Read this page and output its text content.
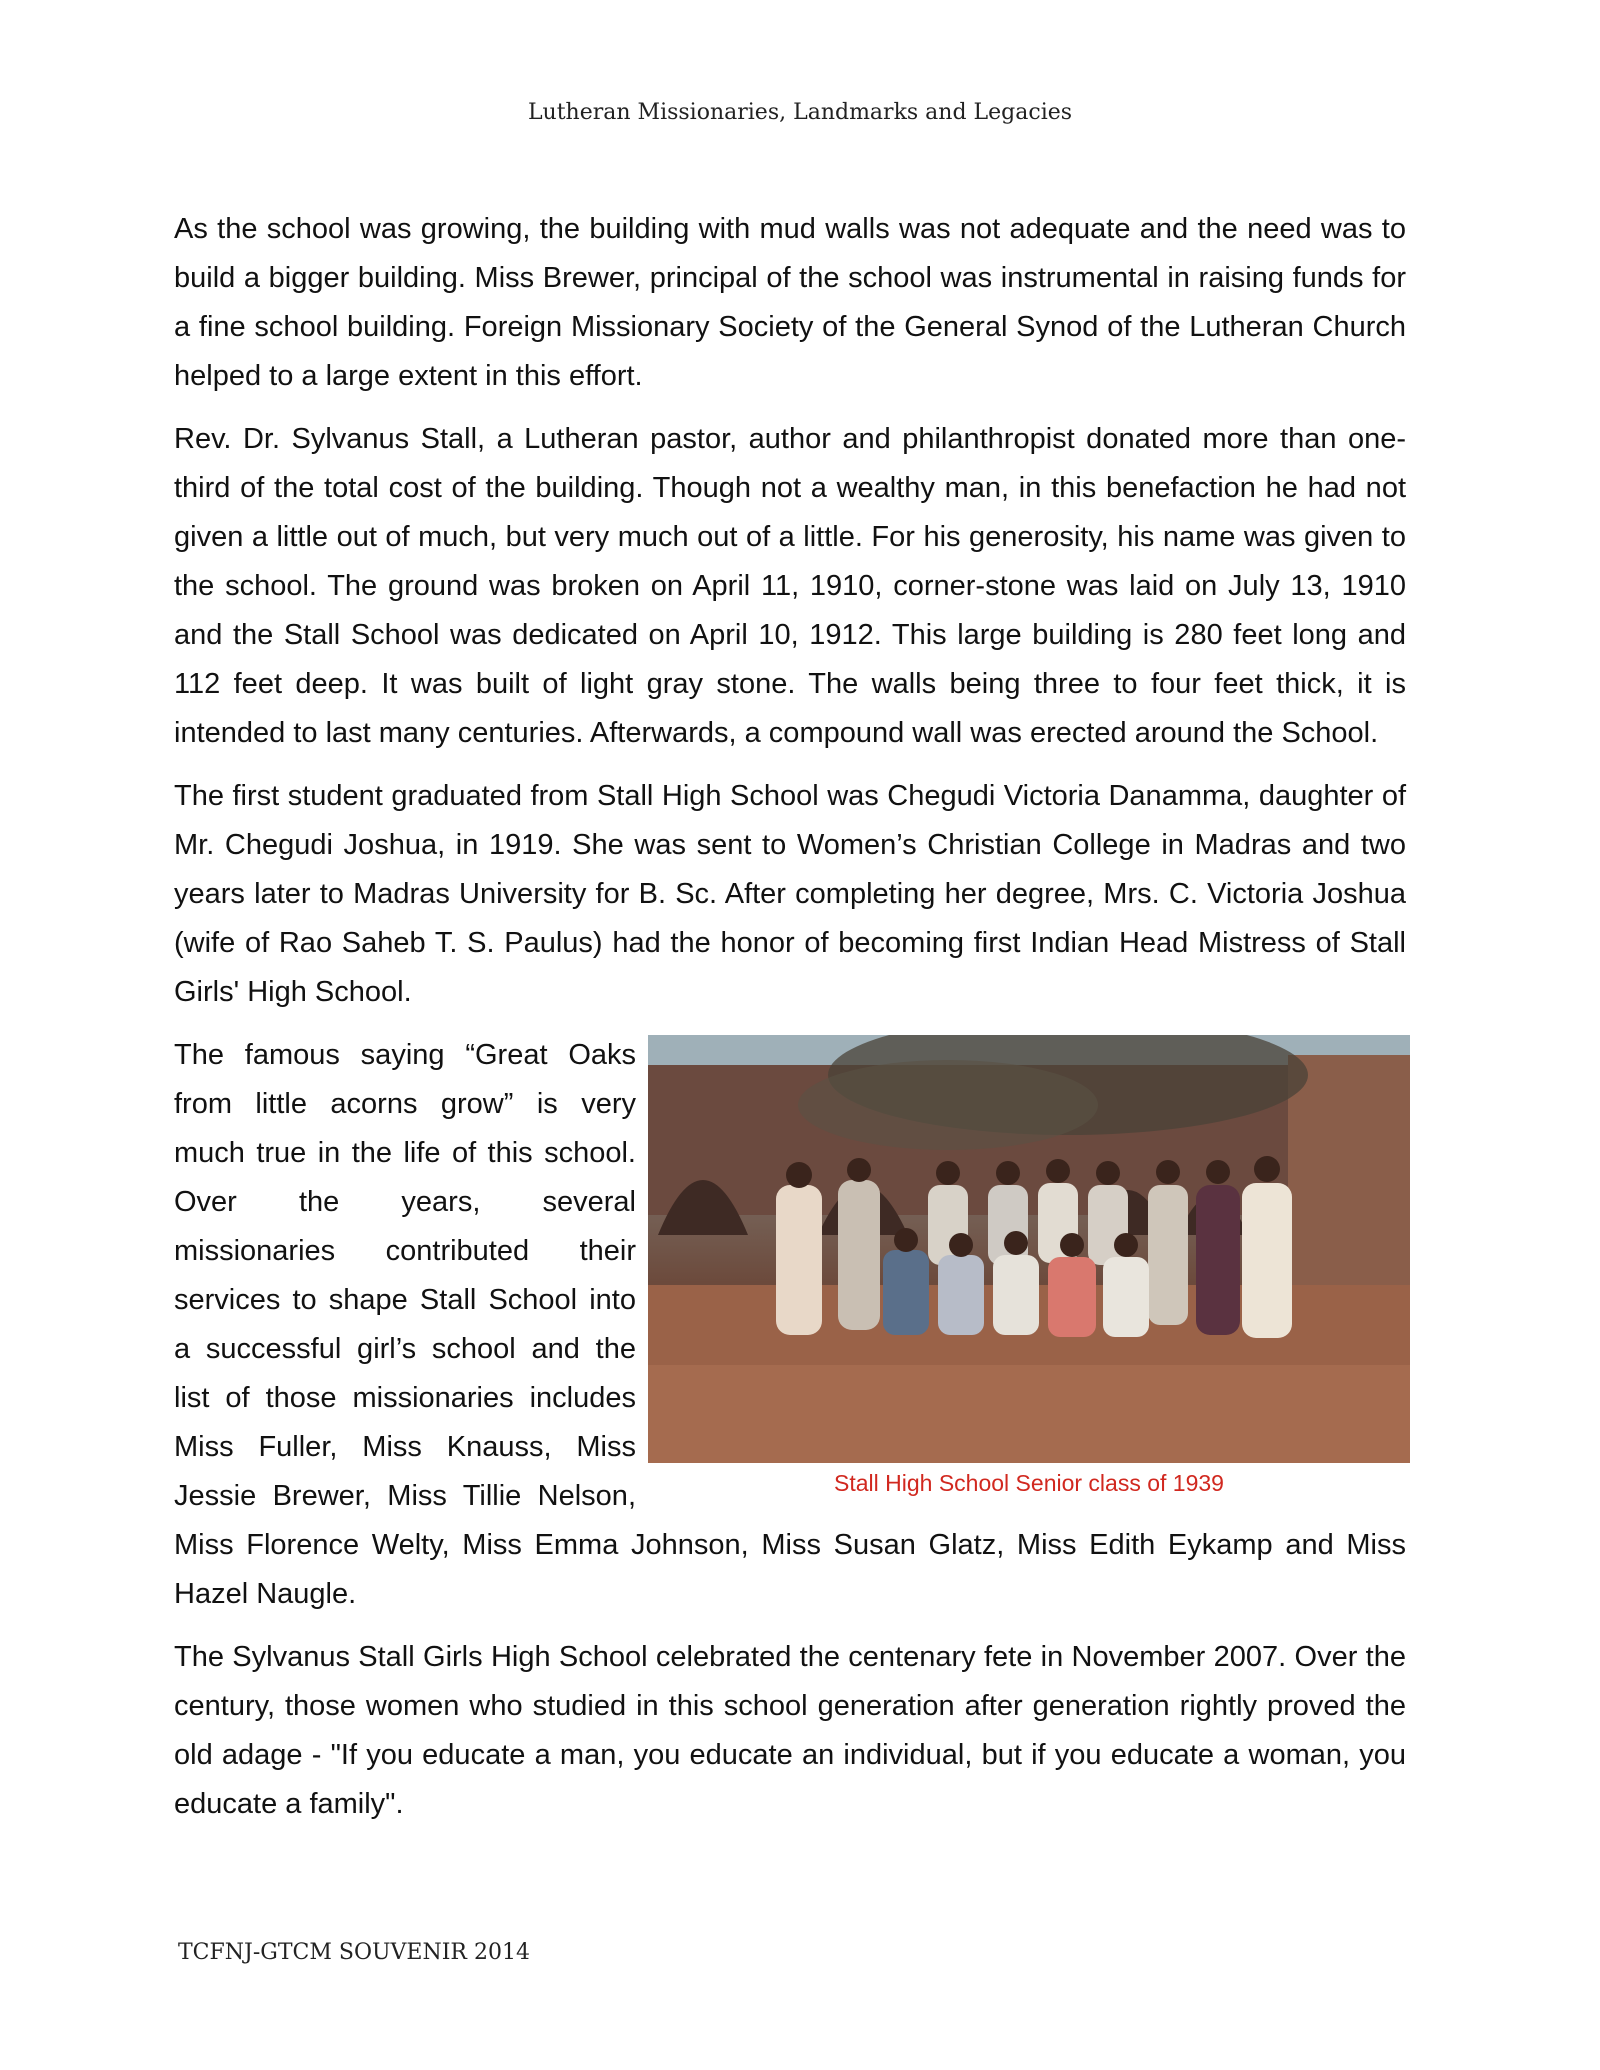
Lutheran Missionaries, Landmarks and Legacies

As the school was growing, the building with mud walls was not adequate and the need was to build a bigger building. Miss Brewer, principal of the school was instrumental in raising funds for a fine school building. Foreign Missionary Society of the General Synod of the Lutheran Church helped to a large extent in this effort.

Rev. Dr. Sylvanus Stall, a Lutheran pastor, author and philanthropist donated more than one-third of the total cost of the building. Though not a wealthy man, in this benefaction he had not given a little out of much, but very much out of a little. For his generosity, his name was given to the school. The ground was broken on April 11, 1910, corner-stone was laid on July 13, 1910 and the Stall School was dedicated on April 10, 1912. This large building is 280 feet long and 112 feet deep. It was built of light gray stone. The walls being three to four feet thick, it is intended to last many centuries. Afterwards, a compound wall was erected around the School.

The first student graduated from Stall High School was Chegudi Victoria Danamma, daughter of Mr. Chegudi Joshua, in 1919. She was sent to Women’s Christian College in Madras and two years later to Madras University for B. Sc. After completing her degree, Mrs. C. Victoria Joshua (wife of Rao Saheb T. S. Paulus) had the honor of becoming first Indian Head Mistress of Stall Girls' High School.

Stall High School Senior class of 1939

The famous saying “Great Oaks from little acorns grow” is very much true in the life of this school. Over the years, several missionaries contributed their services to shape Stall School into a successful girl’s school and the list of those missionaries includes Miss Fuller, Miss Knauss, Miss Jessie Brewer, Miss Tillie Nelson, Miss Florence Welty, Miss Emma Johnson, Miss Susan Glatz, Miss Edith Eykamp and Miss Hazel Naugle.

The Sylvanus Stall Girls High School celebrated the centenary fete in November 2007. Over the century, those women who studied in this school generation after generation rightly proved the old adage - "If you educate a man, you educate an individual, but if you educate a woman, you educate a family".

TCFNJ-GTCM SOUVENIR 2014
